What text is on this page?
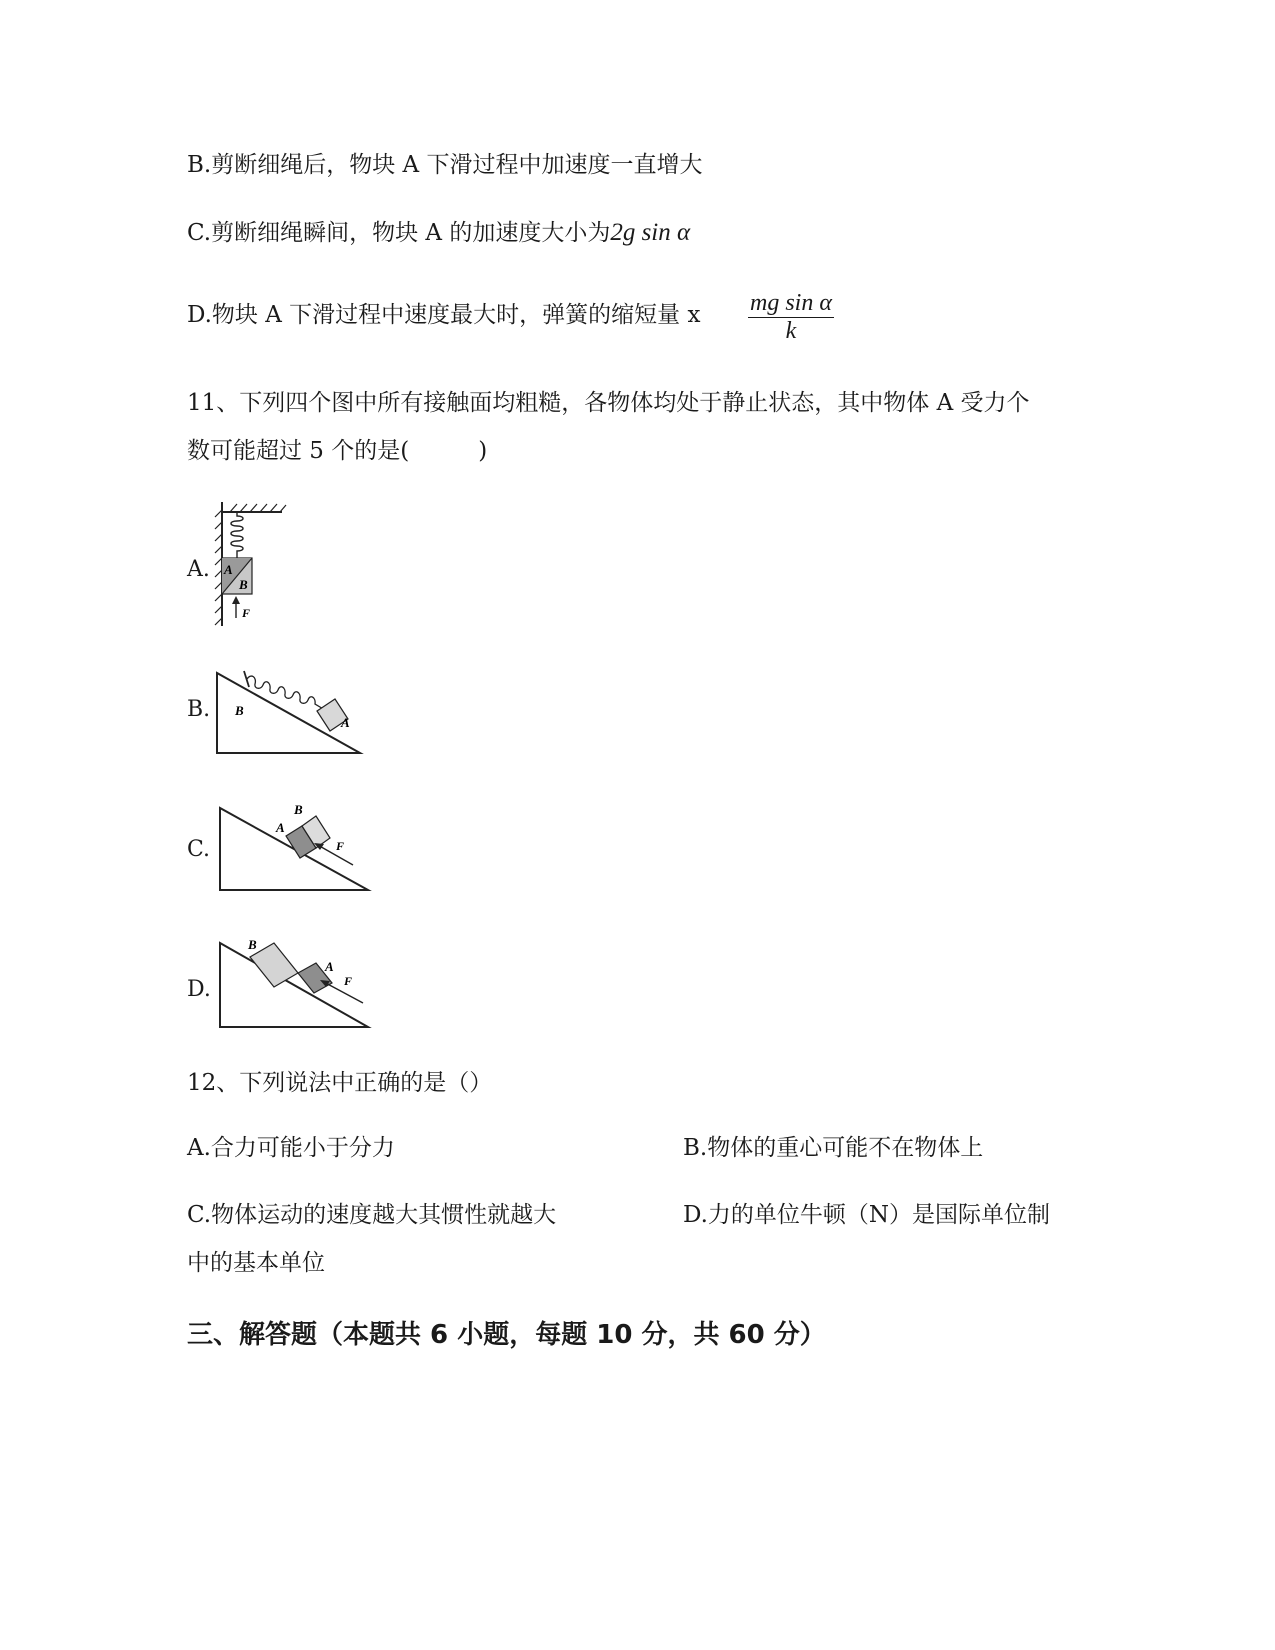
B.剪断细绳后，物块 A 下滑过程中加速度一直增大
C.剪断细绳瞬间，物块 A 的加速度大小为2g sin α
D.物块 A 下滑过程中速度最大时，弹簧的缩短量 x $\frac{\text{mg sin α}}{k}$
11、下列四个图中所有接触面均粗糙，各物体均处于静止状态，其中物体 A 受力个
数可能超过 5 个的是(　　　)
A. A
B
F
B.
A
B
C.
B
A
F
D.
B
A
F
12、下列说法中正确的是（）
A.合力可能小于分力	B.物体的重心可能不在物体上
C.物体运动的速度越大其惯性就越大	D.力的单位牛顿（N）是国际单位制
中的基本单位
三、解答题（本题共 6 小题，每题 10 分，共 60 分）
